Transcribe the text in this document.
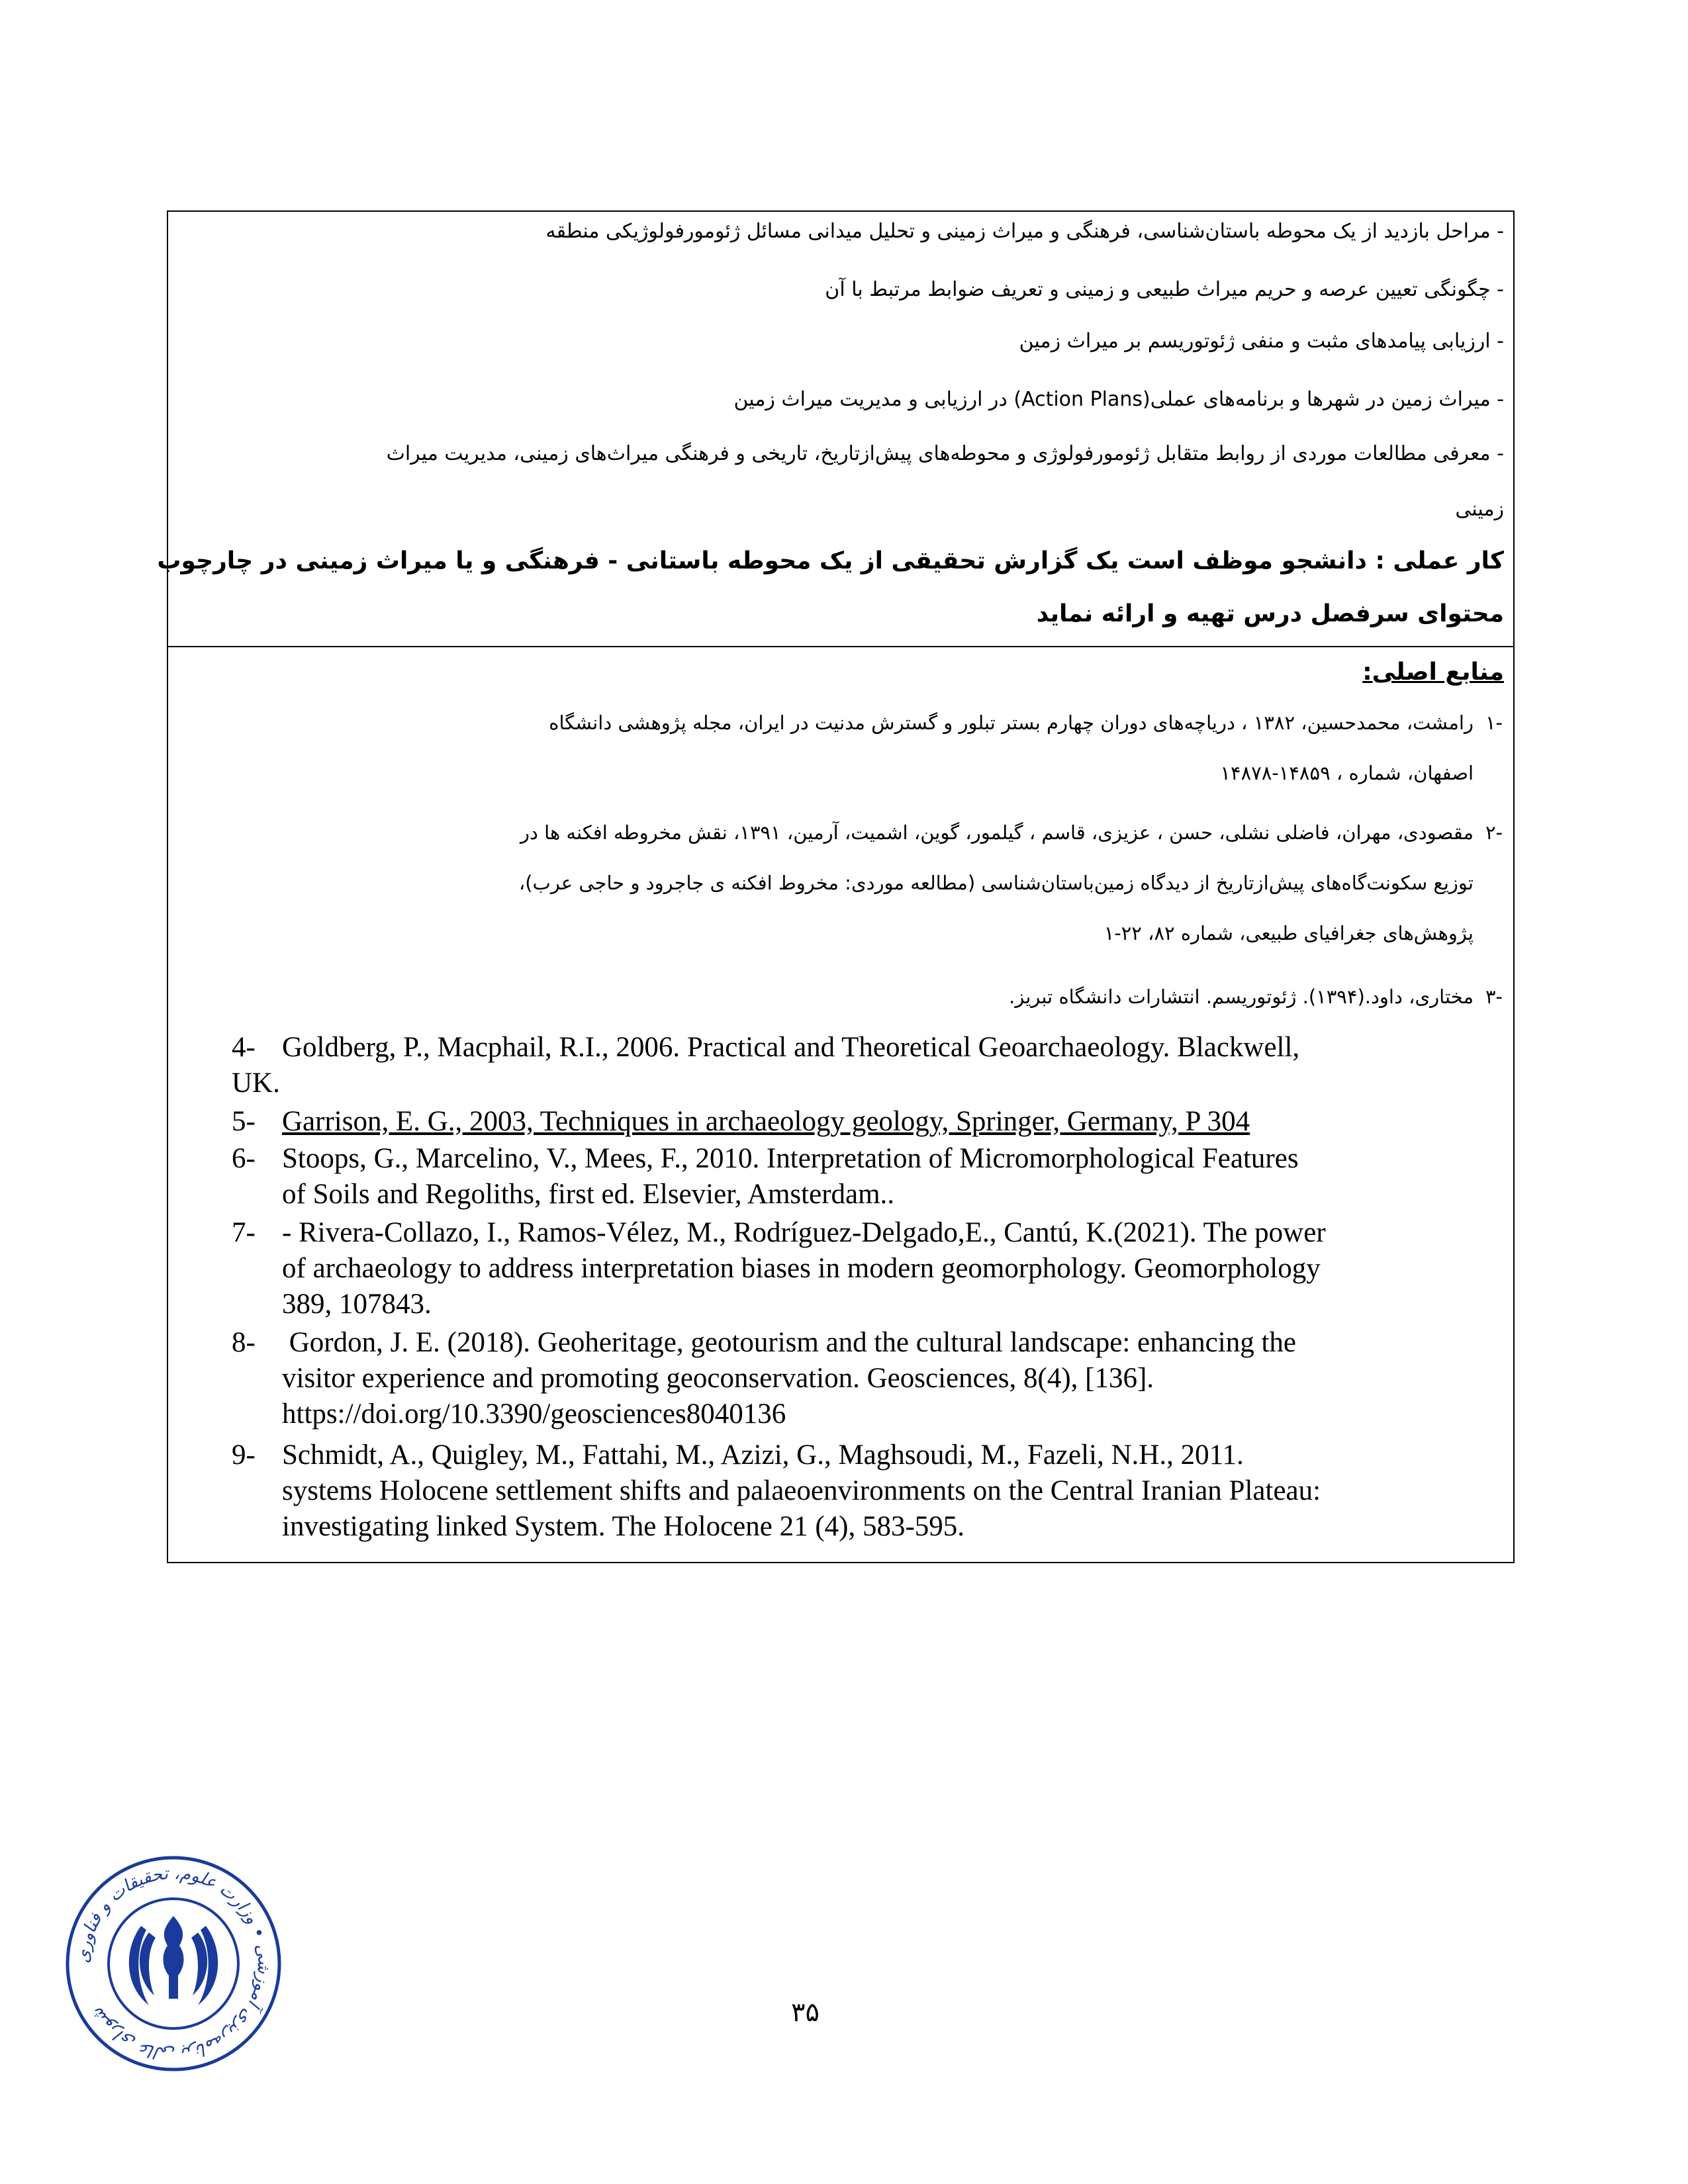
- مراحل بازدید از یک محوطه باستان‌شناسی، فرهنگی و میراث زمینی و تحلیل میدانی مسائل ژئومورفولوژیکی منطقه
- چگونگی تعیین عرصه و حریم میراث طبیعی و زمینی و تعریف ضوابط مرتبط با آن
- ارزیابی پیامدهای مثبت و منفی ژئوتوریسم بر میراث زمین
- میراث زمین در شهرها و برنامه‌های عملی(Action Plans) در ارزیابی و مدیریت میراث زمین
- معرفی مطالعات موردی از روابط متقابل ژئومورفولوژی و محوطه‌های پیش‌ازتاریخ، تاریخی و فرهنگی میراث‌های زمینی، مدیریت میراث
زمینی
کار عملی : دانشجو موظف است یک گزارش تحقیقی از یک محوطه باستانی - فرهنگی و یا میراث زمینی در چارچوب
محتوای سرفصل درس تهیه و ارائه نماید
منابع اصلی:
-۱
رامشت، محمدحسین، ۱۳۸۲ ، دریاچه‌های دوران چهارم بستر تبلور و گسترش مدنیت در ایران، مجله پژوهشی دانشگاه
اصفهان، شماره ، ۱۴۸۵۹-۱۴۸۷۸
-۲
مقصودی، مهران، فاضلی نشلی، حسن ، عزیزی، قاسم ، گیلمور، گوین، اشمیت، آرمین، ۱۳۹۱، نقش مخروطه افکنه ها در
توزیع سکونت‌گاه‌های پیش‌ازتاریخ از دیدگاه زمین‌باستان‌شناسی (مطالعه موردی: مخروط افکنه ی جاجرود و حاجی عرب)،
پژوهش‌های جغرافیای طبیعی، شماره ۸۲، ۲۲-۱
-۳
مختاری، داود.(۱۳۹۴). ژئوتوریسم. انتشارات دانشگاه تبریز.
4- Goldberg, P., Macphail, R.I., 2006. Practical and Theoretical Geoarchaeology. Blackwell,
UK.
5- Garrison, E. G., 2003, Techniques in archaeology geology, Springer, Germany, P 304
6- Stoops, G., Marcelino, V., Mees, F., 2010. Interpretation of Micromorphological Features
of Soils and Regoliths, first ed. Elsevier, Amsterdam..
7- - Rivera-Collazo, I., Ramos-Vélez, M., Rodríguez-Delgado,E., Cantú, K.(2021). The power
of archaeology to address interpretation biases in modern geomorphology. Geomorphology
389, 107843.
8- Gordon, J. E. (2018). Geoheritage, geotourism and the cultural landscape: enhancing the
visitor experience and promoting geoconservation. Geosciences, 8(4), [136].
https://doi.org/10.3390/geosciences8040136
9- Schmidt, A., Quigley, M., Fattahi, M., Azizi, G., Maghsoudi, M., Fazeli, N.H., 2011.
systems Holocene settlement shifts and palaeoenvironments on the Central Iranian Plateau:
investigating linked System. The Holocene 21 (4), 583-595.
شورای عالی برنامه‌ریزی آموزشی • وزارت علوم، تحقیقات و فناوری	۳۵
